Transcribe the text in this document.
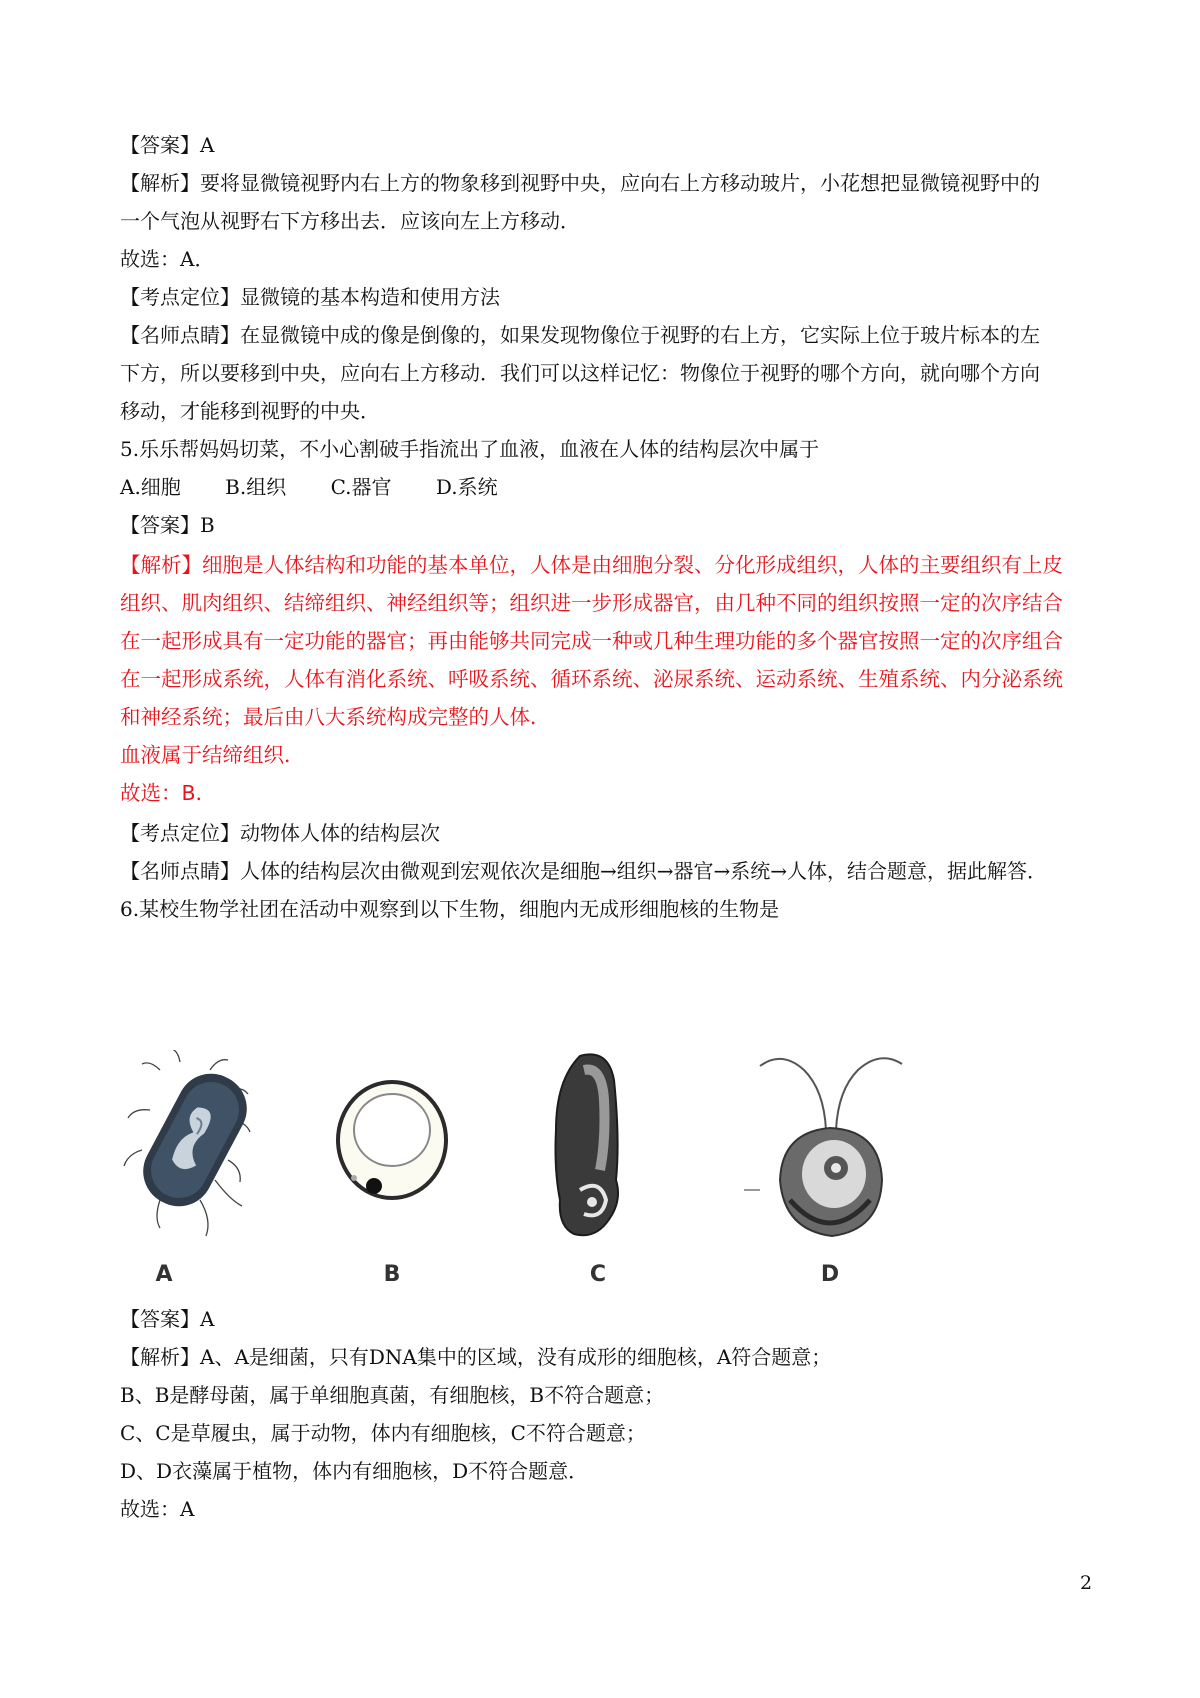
【答案】A
【解析】要将显微镜视野内右上方的物象移到视野中央，应向右上方移动玻片，小花想把显微镜视野中的
一个气泡从视野右下方移出去．应该向左上方移动．
故选：A．
【考点定位】显微镜的基本构造和使用方法
【名师点睛】在显微镜中成的像是倒像的，如果发现物像位于视野的右上方，它实际上位于玻片标本的左
下方，所以要移到中央，应向右上方移动．我们可以这样记忆：物像位于视野的哪个方向，就向哪个方向
移动，才能移到视野的中央．
5.乐乐帮妈妈切菜，不小心割破手指流出了血液，血液在人体的结构层次中属于
A.细胞 B.组织 C.器官 D.系统
【答案】B
【解析】细胞是人体结构和功能的基本单位，人体是由细胞分裂、分化形成组织，人体的主要组织有上皮
组织、肌肉组织、结缔组织、神经组织等；组织进一步形成器官，由几种不同的组织按照一定的次序结合
在一起形成具有一定功能的器官；再由能够共同完成一种或几种生理功能的多个器官按照一定的次序组合
在一起形成系统，人体有消化系统、呼吸系统、循环系统、泌尿系统、运动系统、生殖系统、内分泌系统
和神经系统；最后由八大系统构成完整的人体．
血液属于结缔组织．
故选：B．
【考点定位】动物体人体的结构层次
【名师点睛】人体的结构层次由微观到宏观依次是细胞→组织→器官→系统→人体，结合题意，据此解答．
6.某校生物学社团在活动中观察到以下生物，细胞内无成形细胞核的生物是
A	B	C	D
【答案】A
【解析】A、A是细菌，只有DNA集中的区域，没有成形的细胞核，A符合题意；
B、B是酵母菌，属于单细胞真菌，有细胞核，B不符合题意；
C、C是草履虫，属于动物，体内有细胞核，C不符合题意；
D、D衣藻属于植物，体内有细胞核，D不符合题意．
故选：A
2
